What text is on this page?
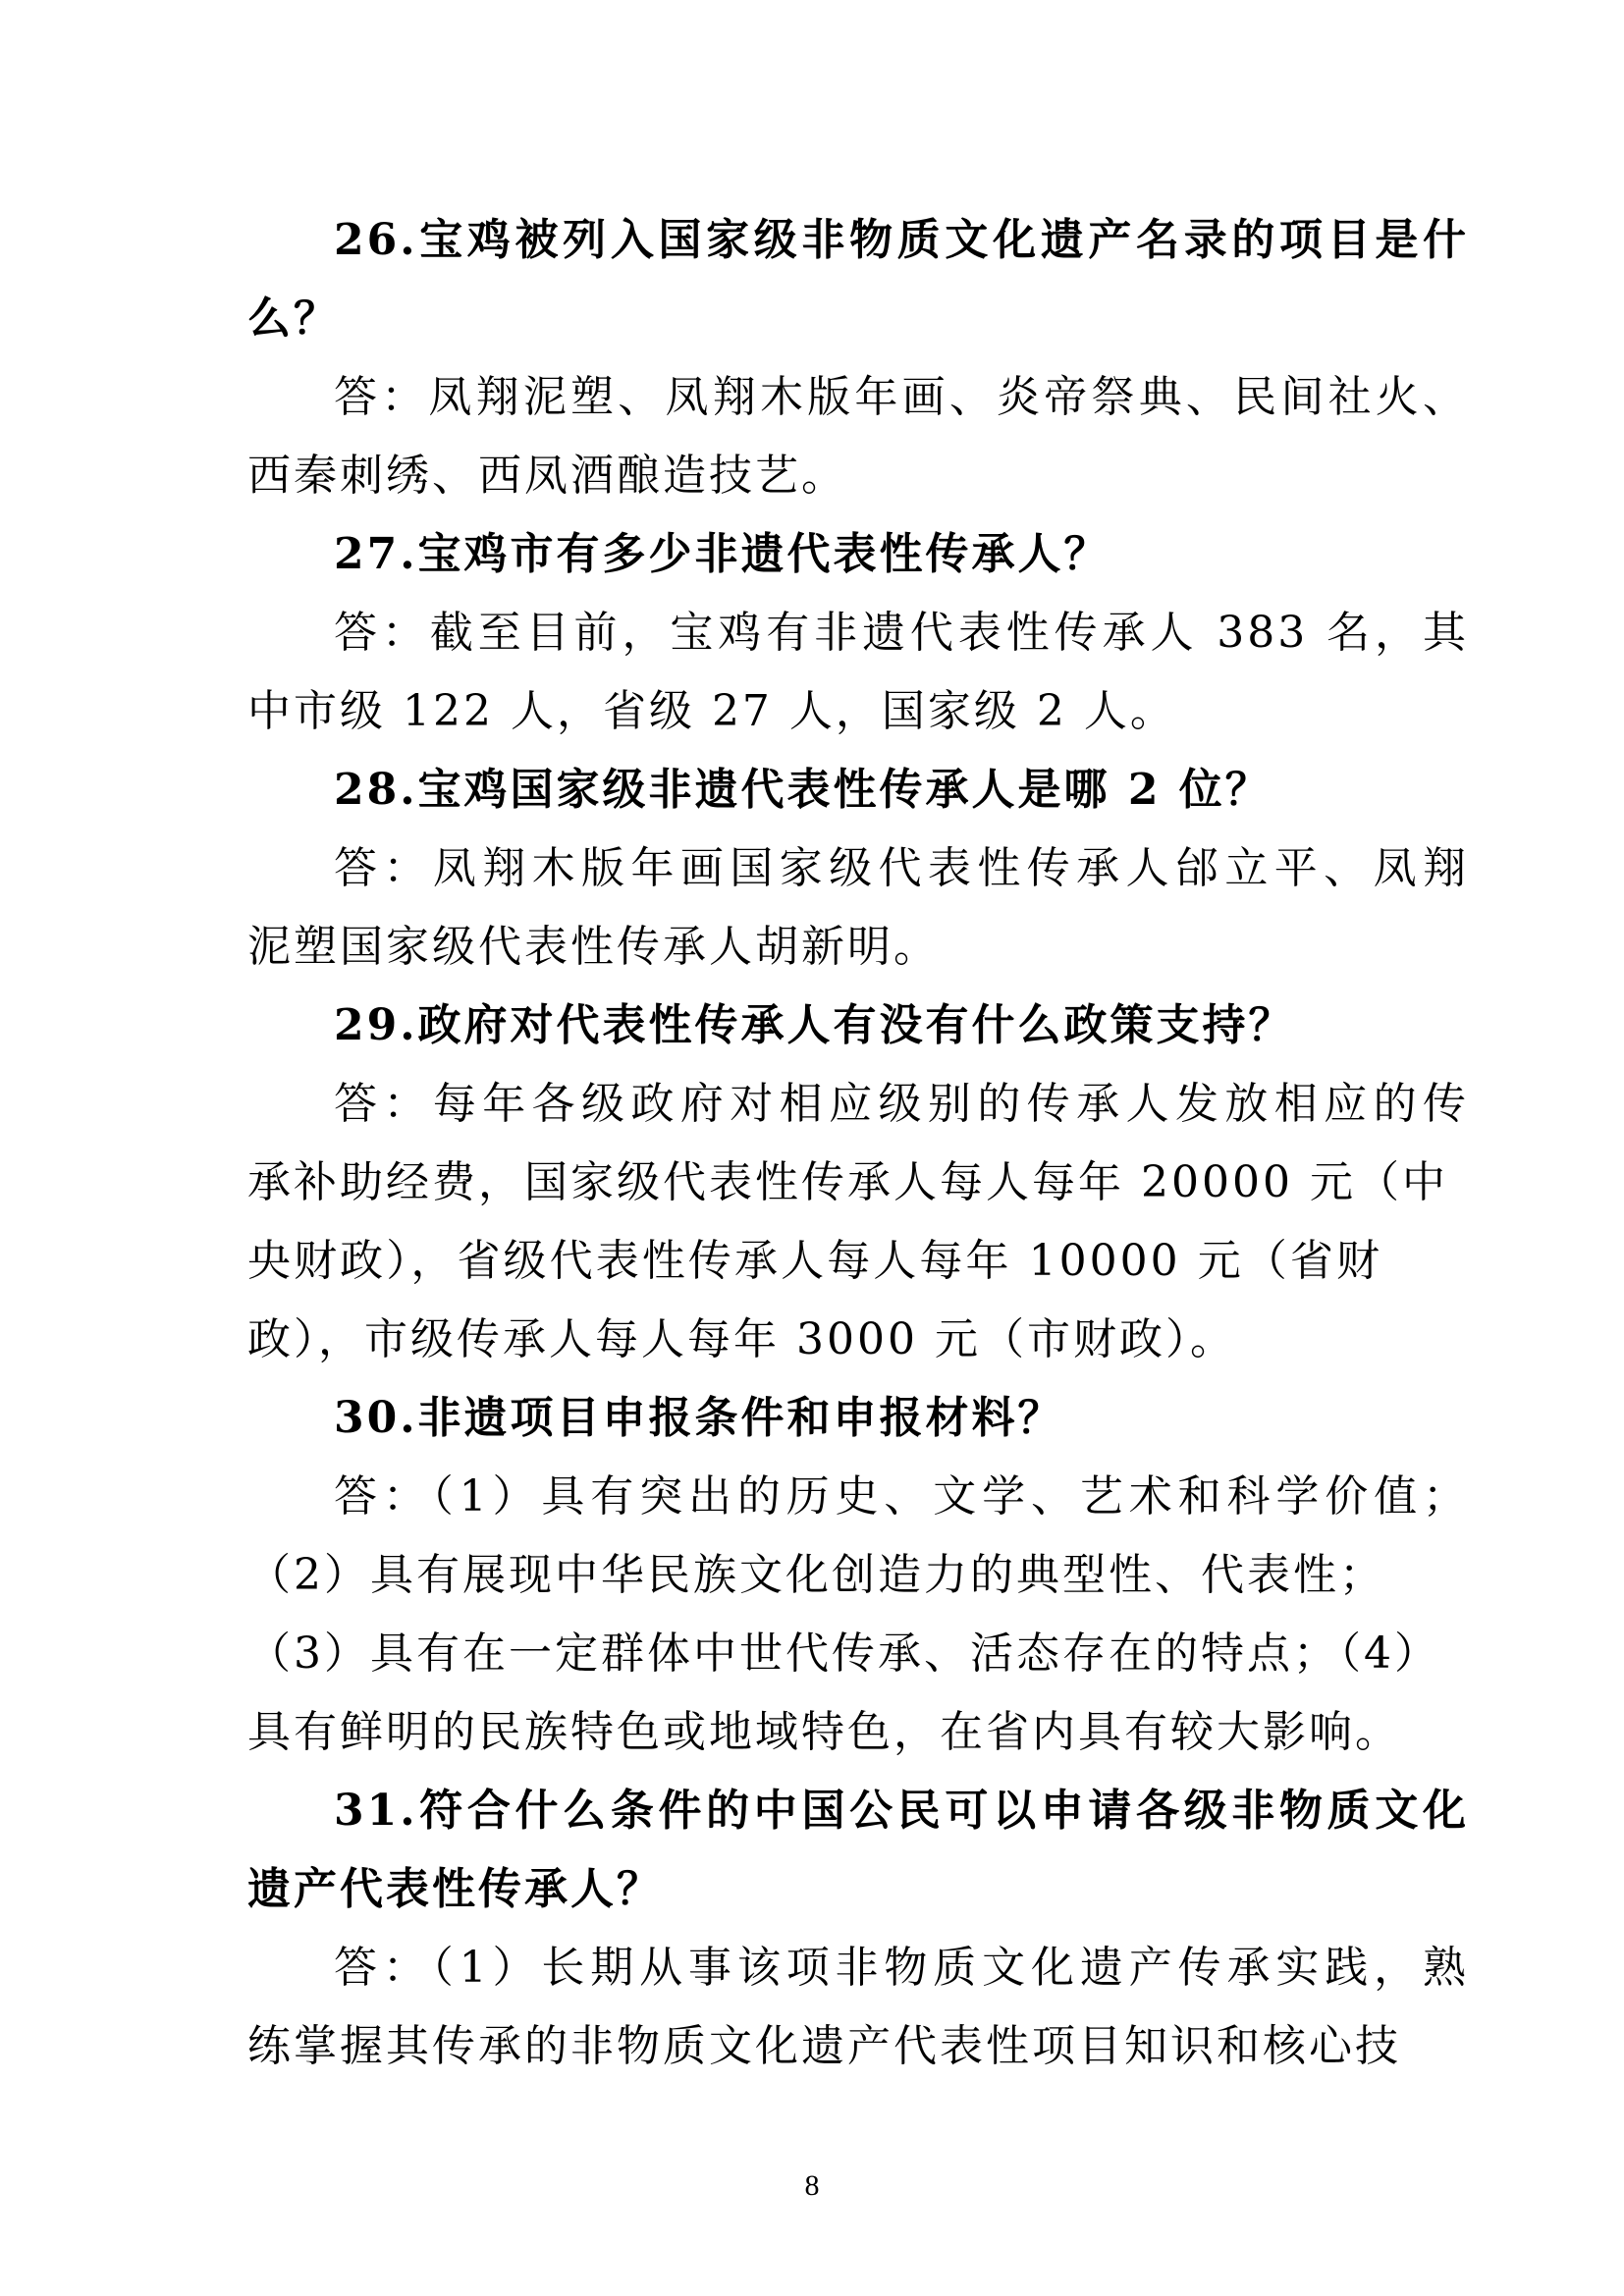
26.宝鸡被列入国家级非物质文化遗产名录的项目是什
么？
答：凤翔泥塑、凤翔木版年画、炎帝祭典、民间社火、
西秦刺绣、西凤酒酿造技艺。
27.宝鸡市有多少非遗代表性传承人？
答：截至目前，宝鸡有非遗代表性传承人 383 名，其
中市级 122 人，省级 27 人，国家级 2 人。
28.宝鸡国家级非遗代表性传承人是哪 2 位？
答：凤翔木版年画国家级代表性传承人邰立平、凤翔
泥塑国家级代表性传承人胡新明。
29.政府对代表性传承人有没有什么政策支持？
答：每年各级政府对相应级别的传承人发放相应的传
承补助经费，国家级代表性传承人每人每年 20000 元（中
央财政），省级代表性传承人每人每年 10000 元（省财
政），市级传承人每人每年 3000 元（市财政）。
30.非遗项目申报条件和申报材料？
答：（1）具有突出的历史、文学、艺术和科学价值；
（2）具有展现中华民族文化创造力的典型性、代表性；
（3）具有在一定群体中世代传承、活态存在的特点；（4）
具有鲜明的民族特色或地域特色，在省内具有较大影响。
31.符合什么条件的中国公民可以申请各级非物质文化
遗产代表性传承人？
答：（1）长期从事该项非物质文化遗产传承实践，熟
练掌握其传承的非物质文化遗产代表性项目知识和核心技
8
